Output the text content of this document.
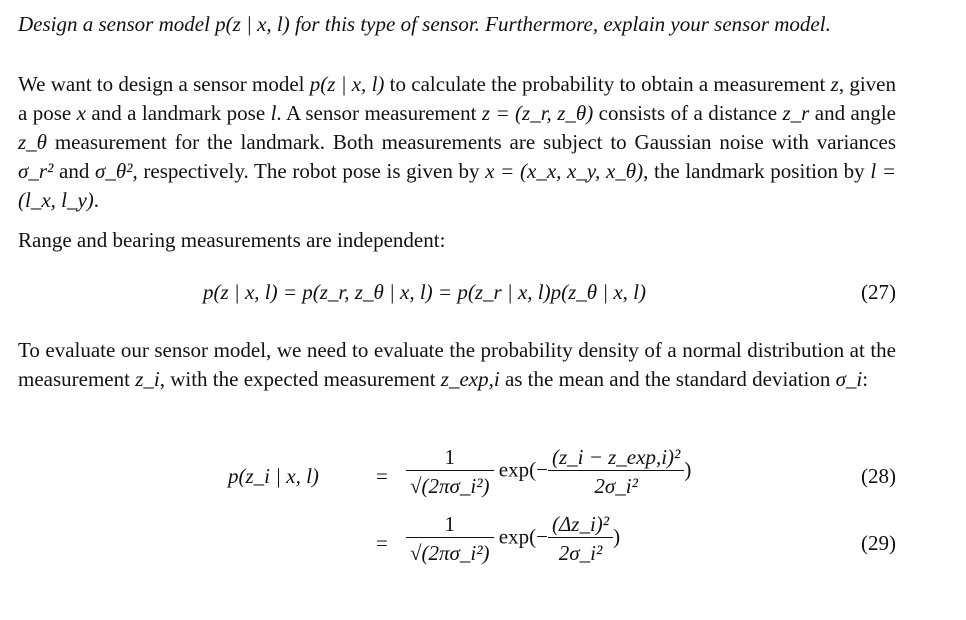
Design a sensor model p(z | x, l) for this type of sensor. Furthermore, explain your sensor model.
We want to design a sensor model p(z | x, l) to calculate the probability to obtain a measurement z, given a pose x and a landmark pose l. A sensor measurement z = (z_r, z_θ) consists of a distance z_r and angle z_θ measurement for the landmark. Both measurements are subject to Gaussian noise with variances σ_r² and σ_θ², respectively. The robot pose is given by x = (x_x, x_y, x_θ), the landmark position by l = (l_x, l_y).
Range and bearing measurements are independent:
p(z | x, l) = p(z_r, z_θ | x, l) = p(z_r | x, l)p(z_θ | x, l)	(27)
To evaluate our sensor model, we need to evaluate the probability density of a normal distribution at the measurement z_i, with the expected measurement z_exp,i as the mean and the standard deviation σ_i:
p(z_i | x, l)	= $\frac{1}{\text{√(2πσ\_i²)}} \exp(- \frac{\text{(z\_i − z\_exp,i)²}}{\text{2σ\_i²}}$ )	(28)
= $\frac{1}{\text{√(2πσ\_i²)}} \exp(- \frac{\text{(Δz\_i)²}}{\text{2σ\_i²}}$ )	(29)
